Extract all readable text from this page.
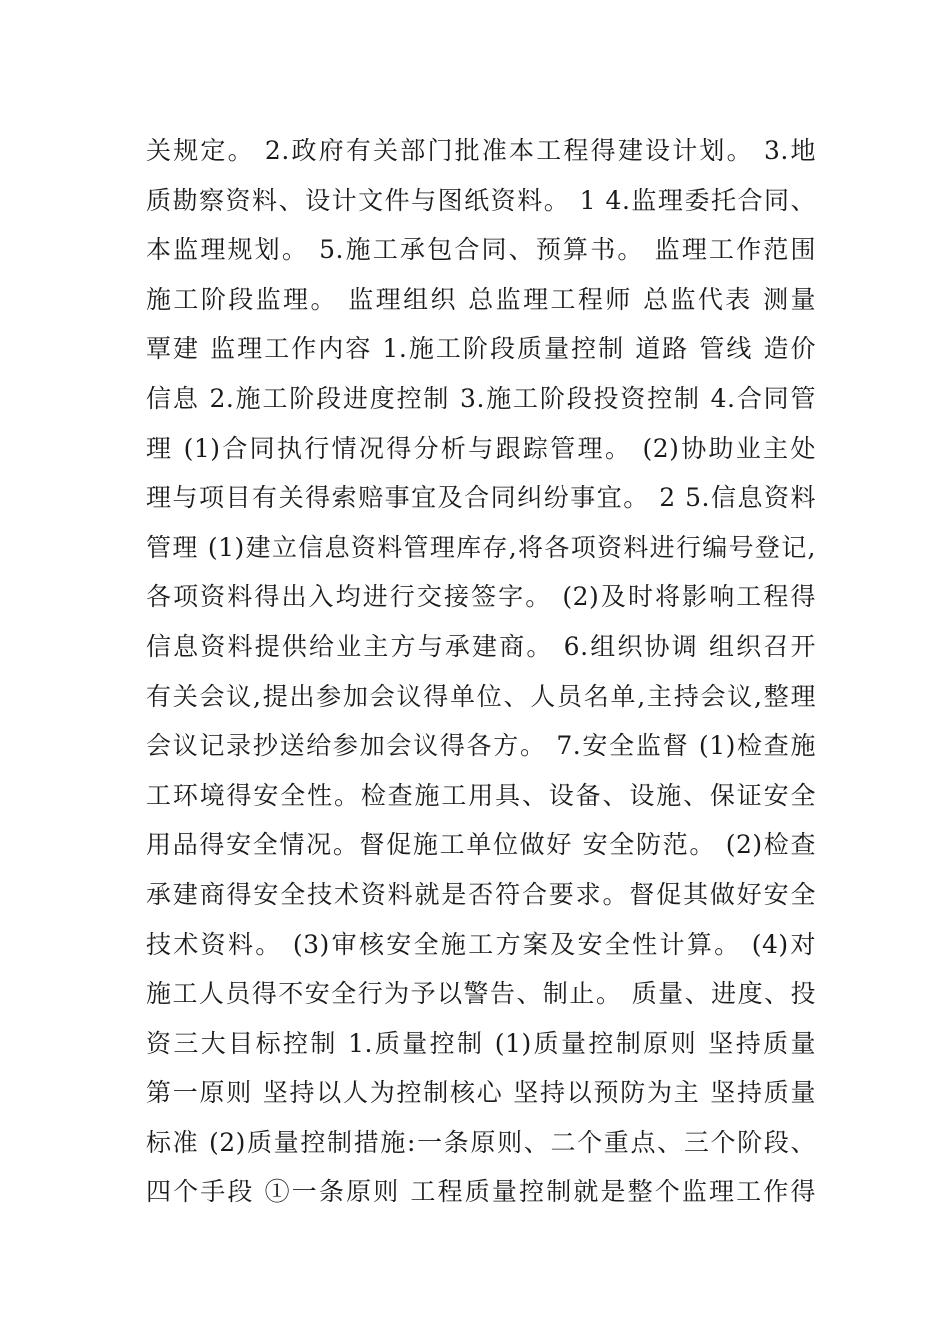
关规定。 2.政府有关部门批准本工程得建设计划。 3.地
质勘察资料、设计文件与图纸资料。 1 4.监理委托合同、
本监理规划。 5.施工承包合同、预算书。 监理工作范围
施工阶段监理。 监理组织 总监理工程师 总监代表 测量
覃建 监理工作内容 1.施工阶段质量控制 道路 管线 造价
信息 2.施工阶段进度控制 3.施工阶段投资控制 4.合同管
理 (1)合同执行情况得分析与跟踪管理。 (2)协助业主处
理与项目有关得索赔事宜及合同纠纷事宜。 2 5.信息资料
管理 (1)建立信息资料管理库存,将各项资料进行编号登记,
各项资料得出入均进行交接签字。 (2)及时将影响工程得
信息资料提供给业主方与承建商。 6.组织协调 组织召开
有关会议,提出参加会议得单位、人员名单,主持会议,整理
会议记录抄送给参加会议得各方。 7.安全监督 (1)检查施
工环境得安全性。检查施工用具、设备、设施、保证安全
用品得安全情况。督促施工单位做好 安全防范。 (2)检查
承建商得安全技术资料就是否符合要求。督促其做好安全
技术资料。 (3)审核安全施工方案及安全性计算。 (4)对
施工人员得不安全行为予以警告、制止。 质量、进度、投
资三大目标控制 1.质量控制 (1)质量控制原则 坚持质量
第一原则 坚持以人为控制核心 坚持以预防为主 坚持质量
标准 (2)质量控制措施:一条原则、二个重点、三个阶段、
四个手段 ①一条原则 工程质量控制就是整个监理工作得
